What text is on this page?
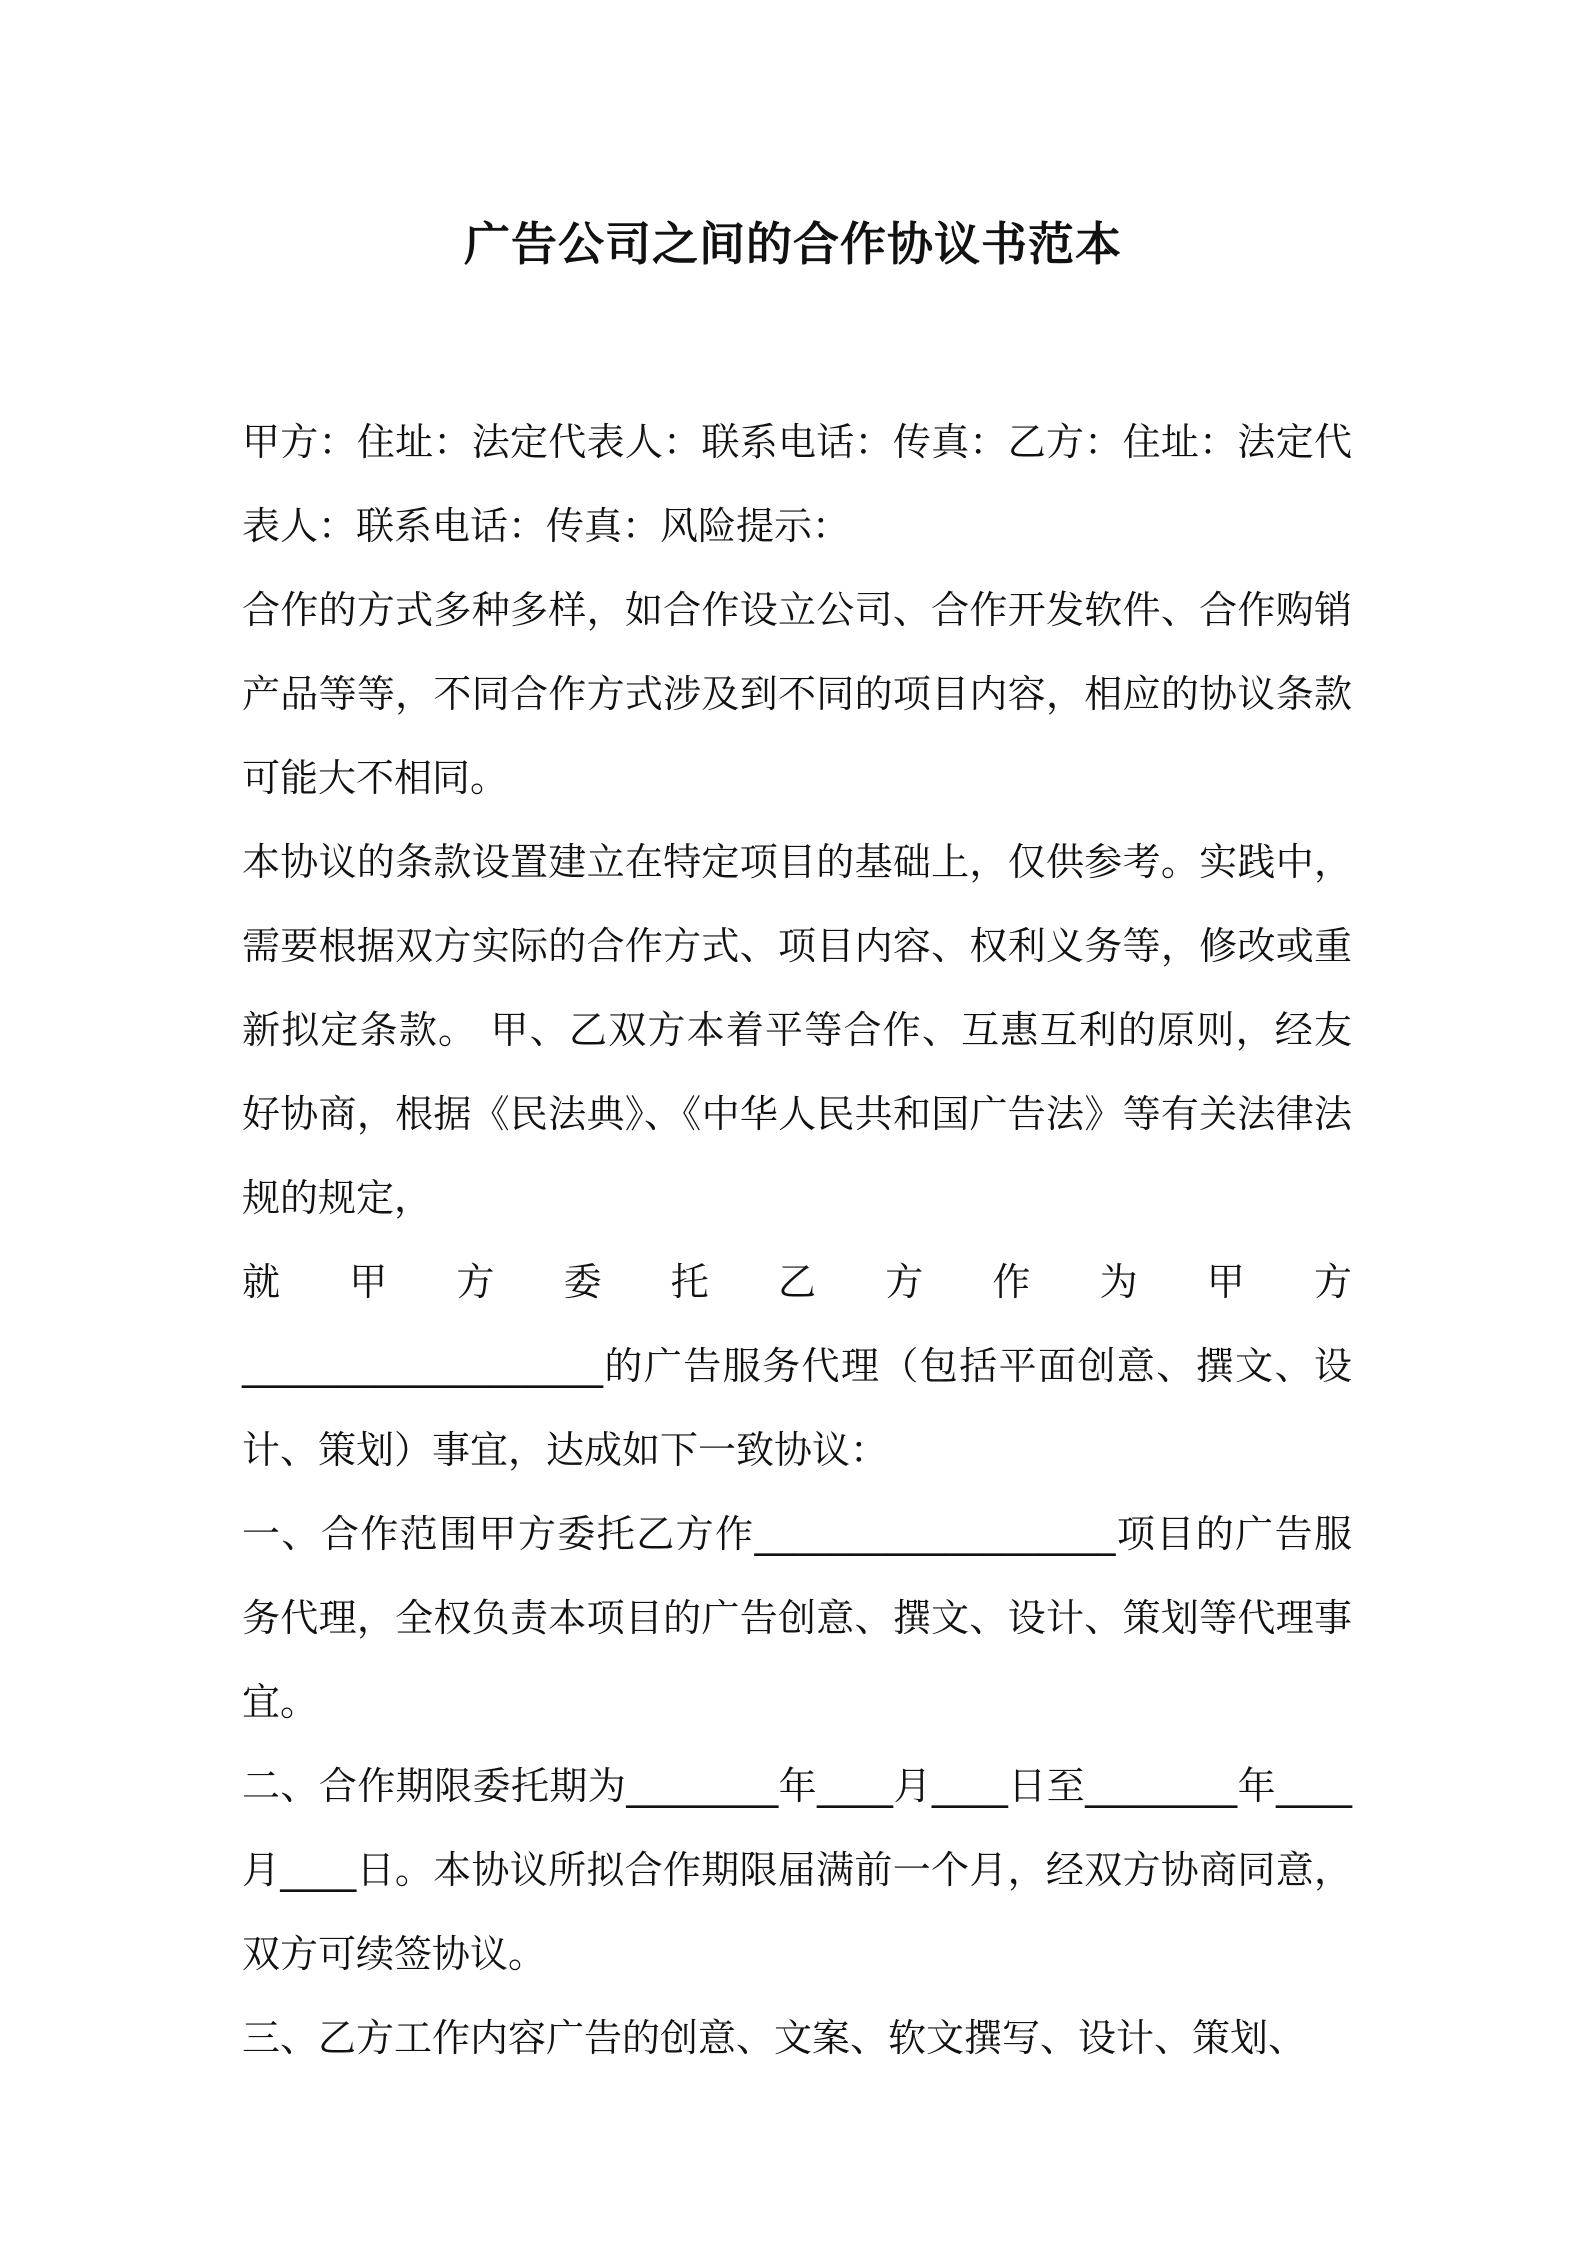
广告公司之间的合作协议书范本

甲方：住址：法定代表人：联系电话：传真：乙方：住址：法定代表人：联系电话：传真：风险提示：

合作的方式多种多样，如合作设立公司、合作开发软件、合作购销产品等等，不同合作方式涉及到不同的项目内容，相应的协议条款可能大不相同。

本协议的条款设置建立在特定项目的基础上，仅供参考。实践中，需要根据双方实际的合作方式、项目内容、权利义务等，修改或重新拟定条款。 甲、乙双方本着平等合作、互惠互利的原则，经友好协商，根据《民法典》、《中华人民共和国广告法》等有关法律法规的规定，

就甲方委托乙方作为甲方

___________________的广告服务代理（包括平面创意、撰文、设计、策划）事宜，达成如下一致协议：

一、合作范围甲方委托乙方作___________________项目的广告服务代理，全权负责本项目的广告创意、撰文、设计、策划等代理事宜。

二、合作期限委托期为________年____月____日至________年____月____日。本协议所拟合作期限届满前一个月，经双方协商同意，双方可续签协议。

三、乙方工作内容广告的创意、文案、软文撰写、设计、策划、
